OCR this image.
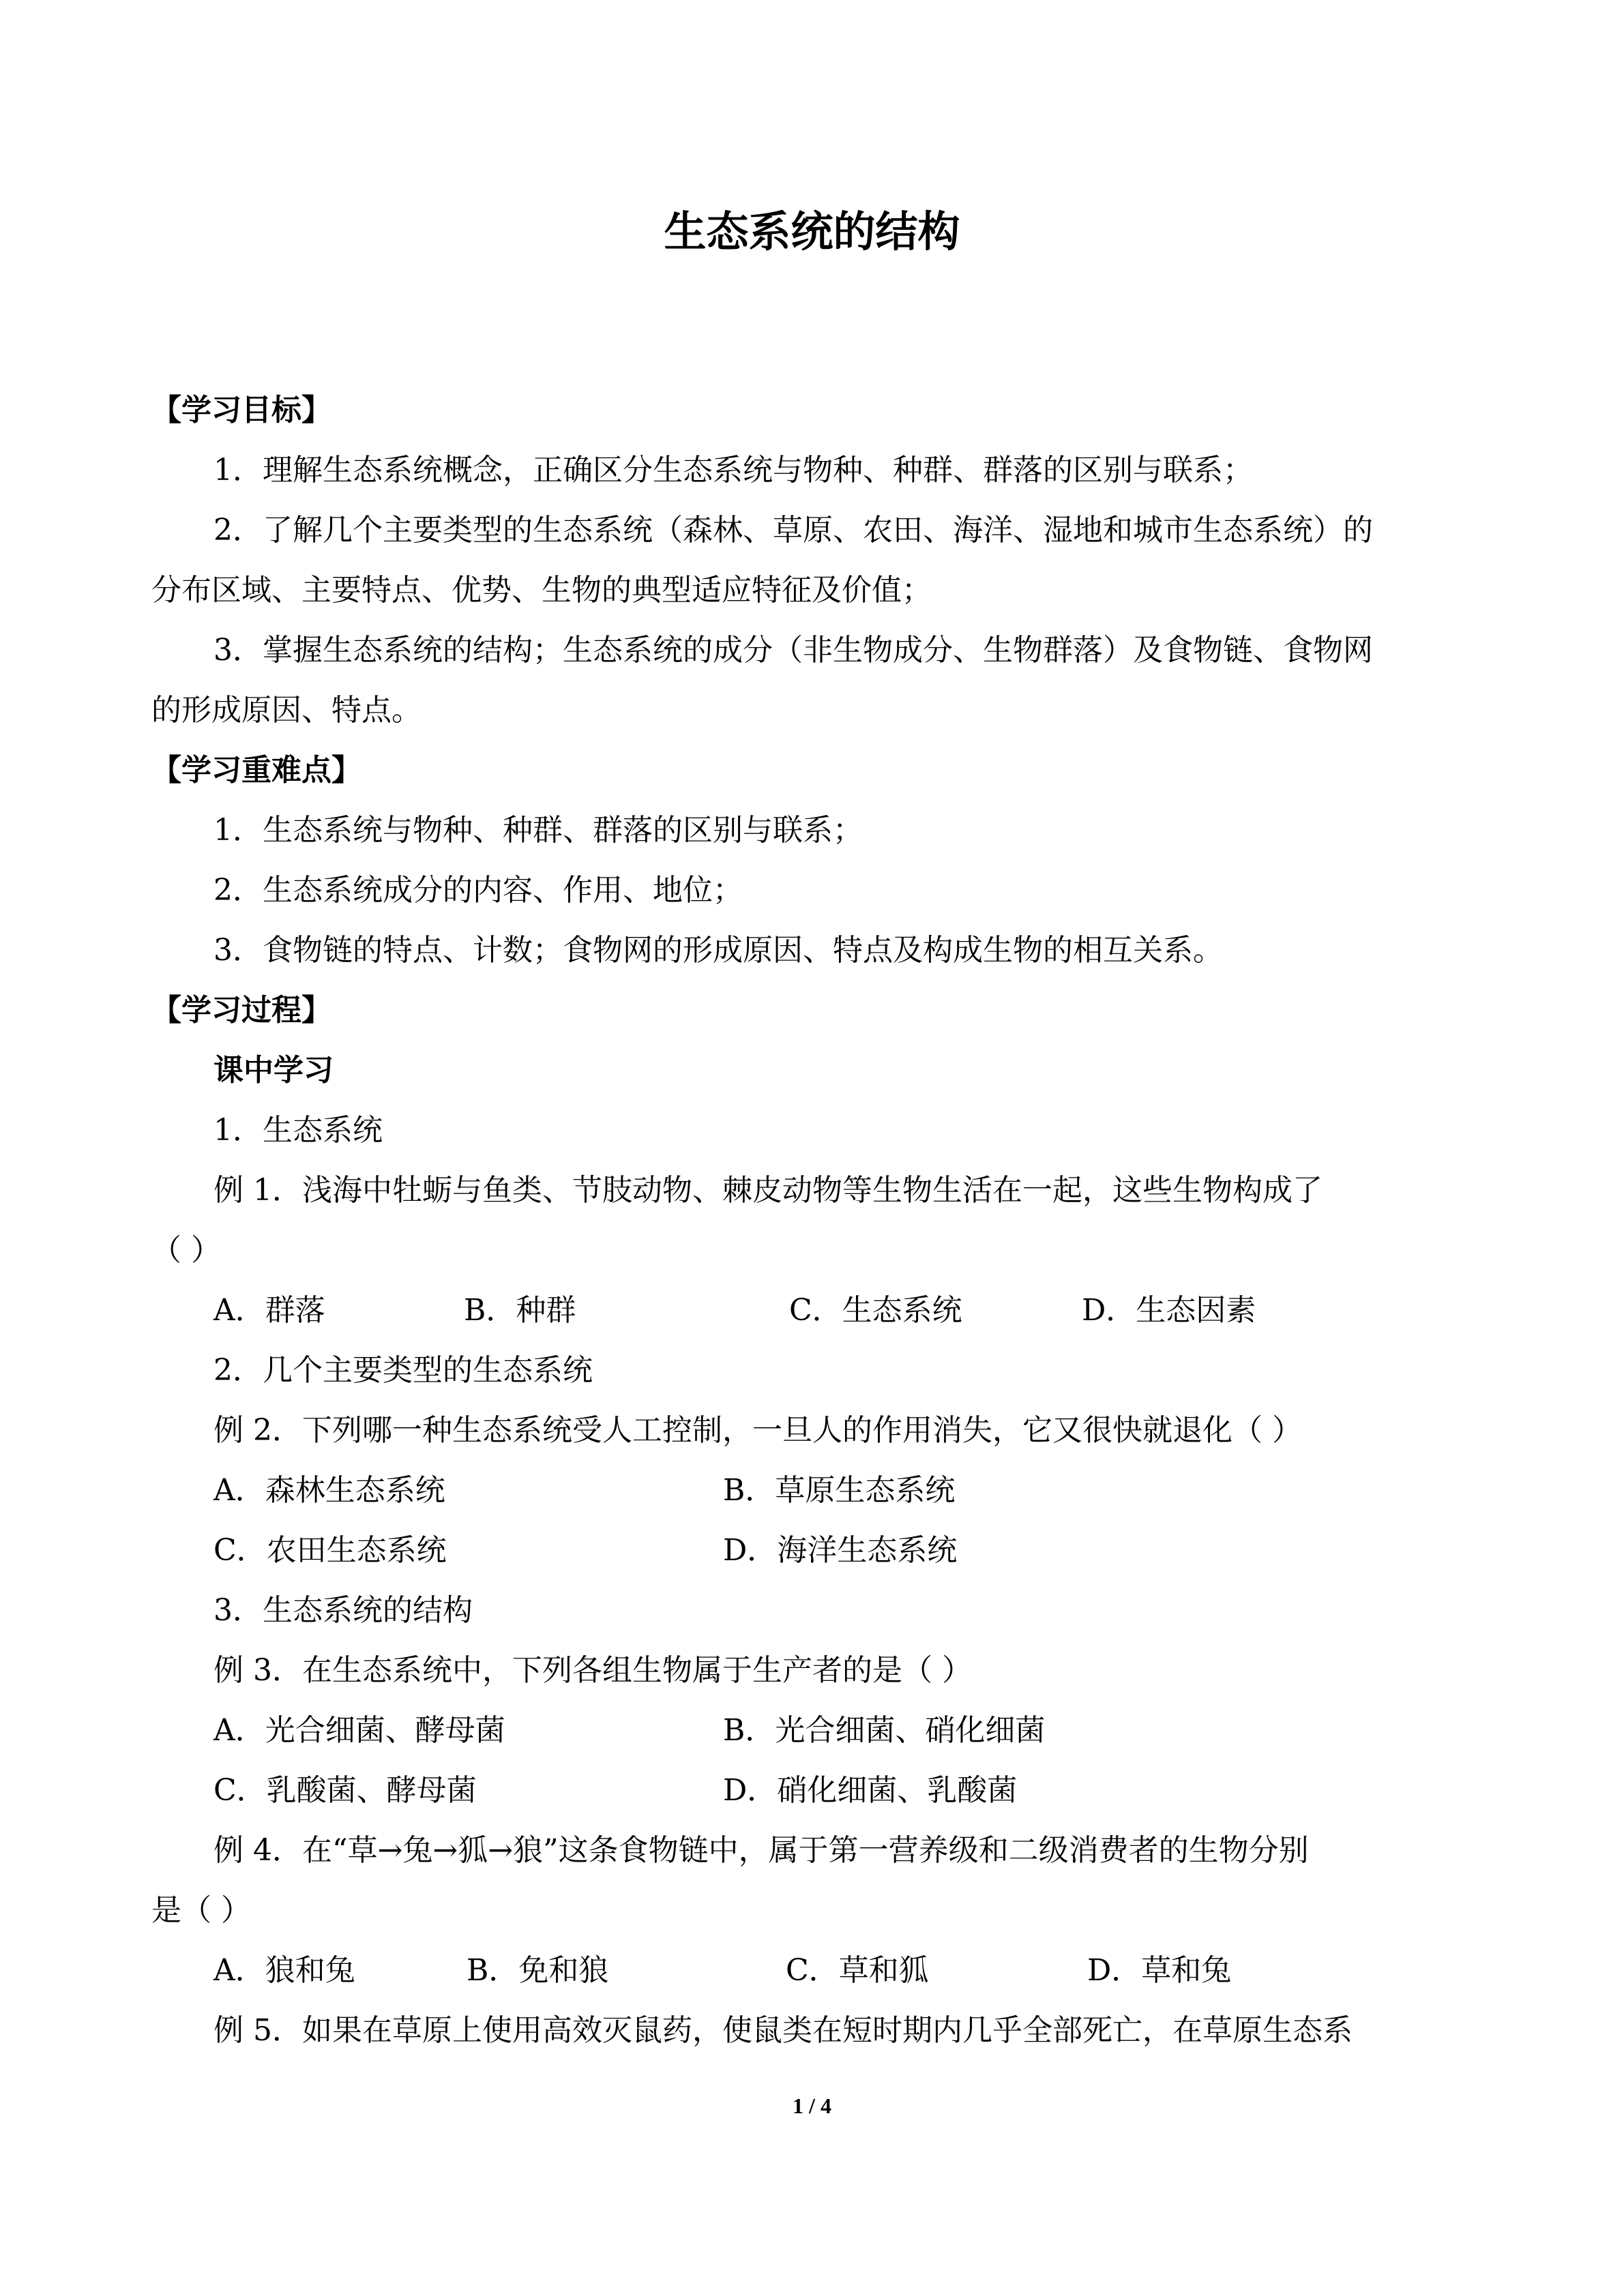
生态系统的结构
【学习目标】
1．理解生态系统概念，正确区分生态系统与物种、种群、群落的区别与联系；
2．了解几个主要类型的生态系统（森林、草原、农田、海洋、湿地和城市生态系统）的
分布区域、主要特点、优势、生物的典型适应特征及价值；
3．掌握生态系统的结构；生态系统的成分（非生物成分、生物群落）及食物链、食物网
的形成原因、特点。
【学习重难点】
1．生态系统与物种、种群、群落的区别与联系；
2．生态系统成分的内容、作用、地位；
3．食物链的特点、计数；食物网的形成原因、特点及构成生物的相互关系。
【学习过程】
课中学习
1．生态系统
例 1．浅海中牡蛎与鱼类、节肢动物、棘皮动物等生物生活在一起，这些生物构成了
（ ）
A．群落	B．种群	C．生态系统	D．生态因素
2．几个主要类型的生态系统
例 2．下列哪一种生态系统受人工控制，一旦人的作用消失，它又很快就退化（ ）
A．森林生态系统	B．草原生态系统
C．农田生态系统	D．海洋生态系统
3．生态系统的结构
例 3．在生态系统中，下列各组生物属于生产者的是（ ）
A．光合细菌、酵母菌	B．光合细菌、硝化细菌
C．乳酸菌、酵母菌	D．硝化细菌、乳酸菌
例 4．在“草→兔→狐→狼”这条食物链中，属于第一营养级和二级消费者的生物分别
是（ ）
A．狼和兔	B．免和狼	C．草和狐	D．草和兔
例 5．如果在草原上使用高效灭鼠药，使鼠类在短时期内几乎全部死亡，在草原生态系
1 / 4
